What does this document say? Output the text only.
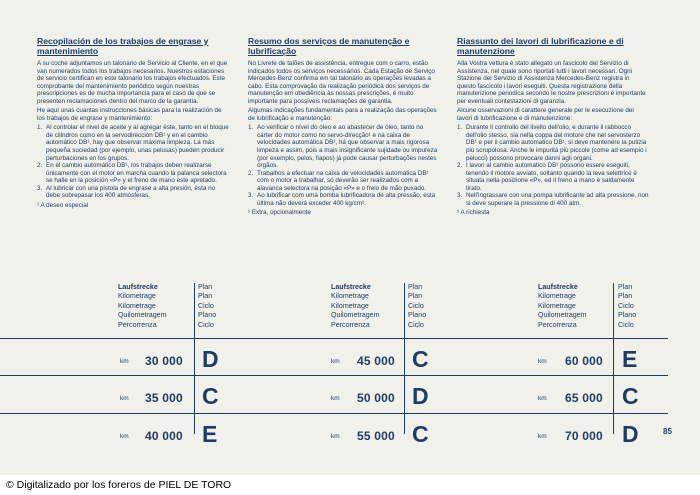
Recopilación de los trabajos de engrase y mantenimiento

A su coche adjuntamos un talonario de Servicio al Cliente, en el que van numerados todos los trabajos necesarios. Nuestros estaciones de servicio certifican en este talonario los trabajos efectuados. Este comprobante del mantenimiento periódico según nuestras prescripciones es de mucha importancia para el caso de que se presenten reclamaciones dentro del marco de la garantía.

He aquí unas cuantas instrucciones básicas para la realización de los trabajos de engrase y mantenimiento:

1. Al controlar el nivel de aceite y al agregar éste, tanto en el bloque de cilindros como en la servodirección DB¹ y en el cambio automático DB¹, hay que observar máxima limpieza. La más pequeña suciedad (por ejemplo, unas pelusas) pueden producir perturbaciones en los grupos.
2. En el cambio automático DB¹, los trabajos deben realizarse únicamente con el motor en marcha cuando la palanca selectora se halle en la posición «P» y el freno de mano este apretado.
3. Al lubricar con una pistola de engrase a alta presión, ésta no debe sobrepasar los 400 atmósferas.
¹ A deseo especial
Resumo dos serviços de manutenção e lubrificação

No Livrete de talões de assistência, entregue com o carro, estão indicados todos os serviços necessários. Cada Estação de Serviço Mercedes-Benz confirma em tal talonário as operações levadas a cabo. Esta comprovação da realização periódica dos serviços de manutenção em obediência às nossas prescrições, é muito importante para possíveis reclamações de garantia.

Algumas indicações fundamentais para a realização das operações de lubrificação e manutenção:

1. Ao verificar o nível do óleo e ao abastecer de óleo, tanto no cárter do motor como no servo-direcção¹ e na caixa de velocidades automática DB¹, há que observar a mais rigorosa limpeza e assim, pois a mais insignificante sujidade ou impureza (por exemplo, pelos, fiapos) já pode causar perturbações nestes órgãos.
2. Trabalhos a efectuar na caixa de velocidades automática DB¹ com o motor a trabalhar, só deverão ser realizados com a alavanca selectora na posição «P» e o freio de mão puxado.
3. Ao lubrificar com uma bomba lubrificadora de alta pressão, esta última não deverá exceder 400 kg/cm².
¹ Extra, opcionalmente
Riassunto dei lavori di lubrificazione e di manutenzione

Alla Vostra vettura è stato allegato un fascicolo del Servizio di Assistenza, nel quale sono riportati tutti i lavori necessari. Ogni Stazione del Servizio di Assistenza Mercedes-Benz registra in questo fascicolo i lavori eseguiti. Questa registrazione della manutenzione periodica secondo le nostre prescrizioni è importante per eventuali contestazioni di garanzia.

Alcune osservazioni di carattere generale per le esecuzione dei lavori di lubrificazione e di manutenzione:

1. Durante il controllo del livello dell'olio, e durante il rabbocco dell'olio stesso, sia nella coppa del motore che nel servosterzo DB¹ e per il cambio automatico DB¹, si deve mantenere la pulizia più scrupolosa. Anche le impurità più piccole (come ad esempio i pelucci) possono provocare danni agli organi.
2. I lavori al cambio automatico DB¹ possono essere eseguiti, tenendo il motore avviato, soltanto quando la leva selettrice è situata nella posizione «P», ed il freno a mano è saldamente tirato.
3. Nell'ingrassare con una pompa lubrificante ad alta pressione, non si deve superare la pressione di 400 atm.
¹ A richiesta
Laufstrecke
Kilometrage
Kilometrage
Quilometragem
Percorrenza
Plan
Plan
Ciclo
Plano
Ciclo
km 30 000 D
km 35 000 C
km 40 000 E
Laufstrecke
Kilometrage
Kilometrage
Quilometragem
Percorrenza
Plan
Plan
Ciclo
Plano
Ciclo
km 45 000 C
km 50 000 D
km 55 000 C
Laufstrecke
Kilometrage
Kilometrage
Quilometragem
Percorrenza
Plan
Plan
Ciclo
Plano
Ciclo
km 60 000 E
km 65 000 C
km 70 000 D	85
© Digitalizado por los foreros de PIEL DE TORO
